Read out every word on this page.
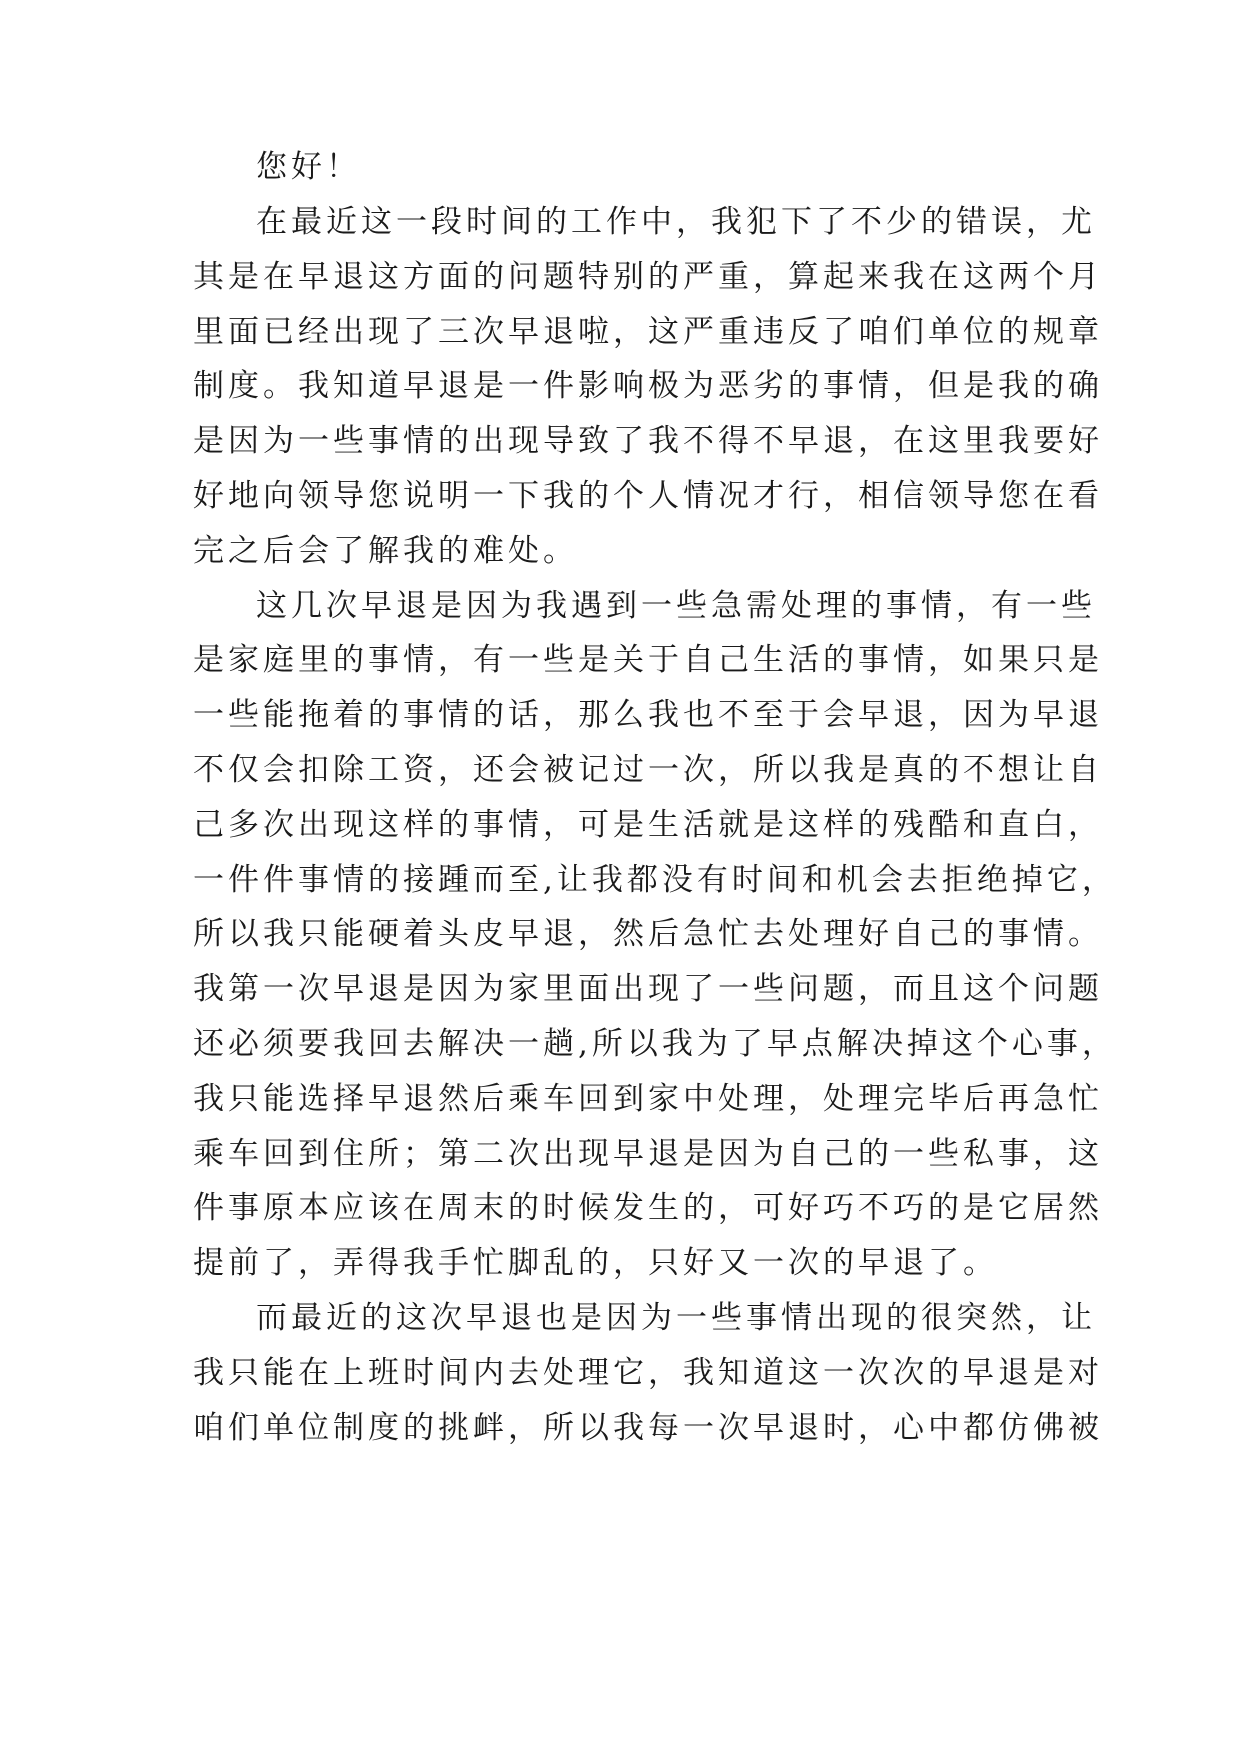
您好！
在最近这一段时间的工作中，我犯下了不少的错误，尤
其是在早退这方面的问题特别的严重，算起来我在这两个月
里面已经出现了三次早退啦，这严重违反了咱们单位的规章
制度。我知道早退是一件影响极为恶劣的事情，但是我的确
是因为一些事情的出现导致了我不得不早退，在这里我要好
好地向领导您说明一下我的个人情况才行，相信领导您在看
完之后会了解我的难处。
这几次早退是因为我遇到一些急需处理的事情，有一些
是家庭里的事情，有一些是关于自己生活的事情，如果只是
一些能拖着的事情的话，那么我也不至于会早退，因为早退
不仅会扣除工资，还会被记过一次，所以我是真的不想让自
己多次出现这样的事情，可是生活就是这样的残酷和直白，
一件件事情的接踵而至,让我都没有时间和机会去拒绝掉它，
所以我只能硬着头皮早退，然后急忙去处理好自己的事情。
我第一次早退是因为家里面出现了一些问题，而且这个问题
还必须要我回去解决一趟,所以我为了早点解决掉这个心事，
我只能选择早退然后乘车回到家中处理，处理完毕后再急忙
乘车回到住所；第二次出现早退是因为自己的一些私事，这
件事原本应该在周末的时候发生的，可好巧不巧的是它居然
提前了，弄得我手忙脚乱的，只好又一次的早退了。
而最近的这次早退也是因为一些事情出现的很突然，让
我只能在上班时间内去处理它，我知道这一次次的早退是对
咱们单位制度的挑衅，所以我每一次早退时，心中都仿佛被
